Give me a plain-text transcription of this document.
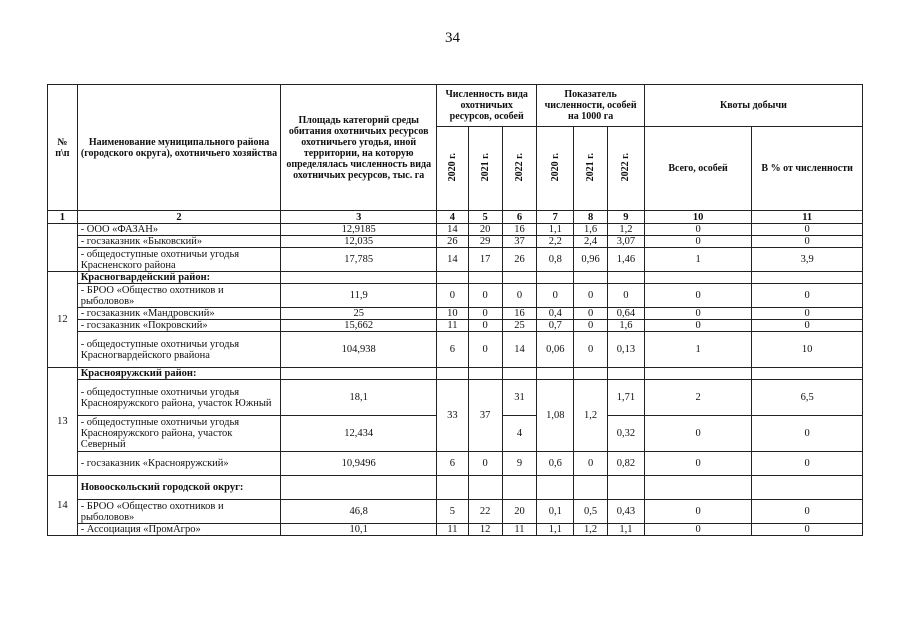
34
№ п\п	Наименование муниципального района (городского округа), охотничьего хозяйства	Площадь категорий среды обитания охотничьих ресурсов охотничьего угодья, иной территории, на которую определялась численность вида охотничьих ресурсов, тыс. га	Численность вида охотничьих ресурсов, особей			Показатель численности, особей на 1000 га			Квоты добычи	
			2020 г.	2021 г.	2022 г.	2020 г.	2021 г.	2022 г.	Всего, особей	В % от численности
1	2	3	4	5	6	7	8	9	10	11
	- ООО «ФАЗАН»	12,9185	14	20	16	1,1	1,6	1,2	0	0
	- госзаказник «Быковский»	12,035	26	29	37	2,2	2,4	3,07	0	0
	- общедоступные охотничьи угодья Красненского района	17,785	14	17	26	0,8	0,96	1,46	1	3,9
12	Красногвардейский район:									
	- БРОО «Общество охотников и рыболовов»	11,9	0	0	0	0	0	0	0	0
	- госзаказник «Мандровский»	25	10	0	16	0,4	0	0,64	0	0
	- госзаказник «Покровский»	15,662	11	0	25	0,7	0	1,6	0	0
	- общедоступные охотничьи угодья Красногвардейского рвайона	104,938	6	0	14	0,06	0	0,13	1	10
13	Краснояружский район:									
	- общедоступные охотничьи угодья Краснояружского района, участок Южный	18,1	33	37	31	1,08	1,2	1,71	2	6,5
	- общедоступные охотничьи угодья Краснояружского района, участок Северный	12,434			4			0,32	0	0
	- госзаказник «Краснояружский»	10,9496	6	0	9	0,6	0	0,82	0	0
14	Новооскольский городской округ:									
	- БРОО «Общество охотников и рыболовов»	46,8	5	22	20	0,1	0,5	0,43	0	0
	- Ассоциация «ПромАгро»	10,1	11	12	11	1,1	1,2	1,1	0	0
